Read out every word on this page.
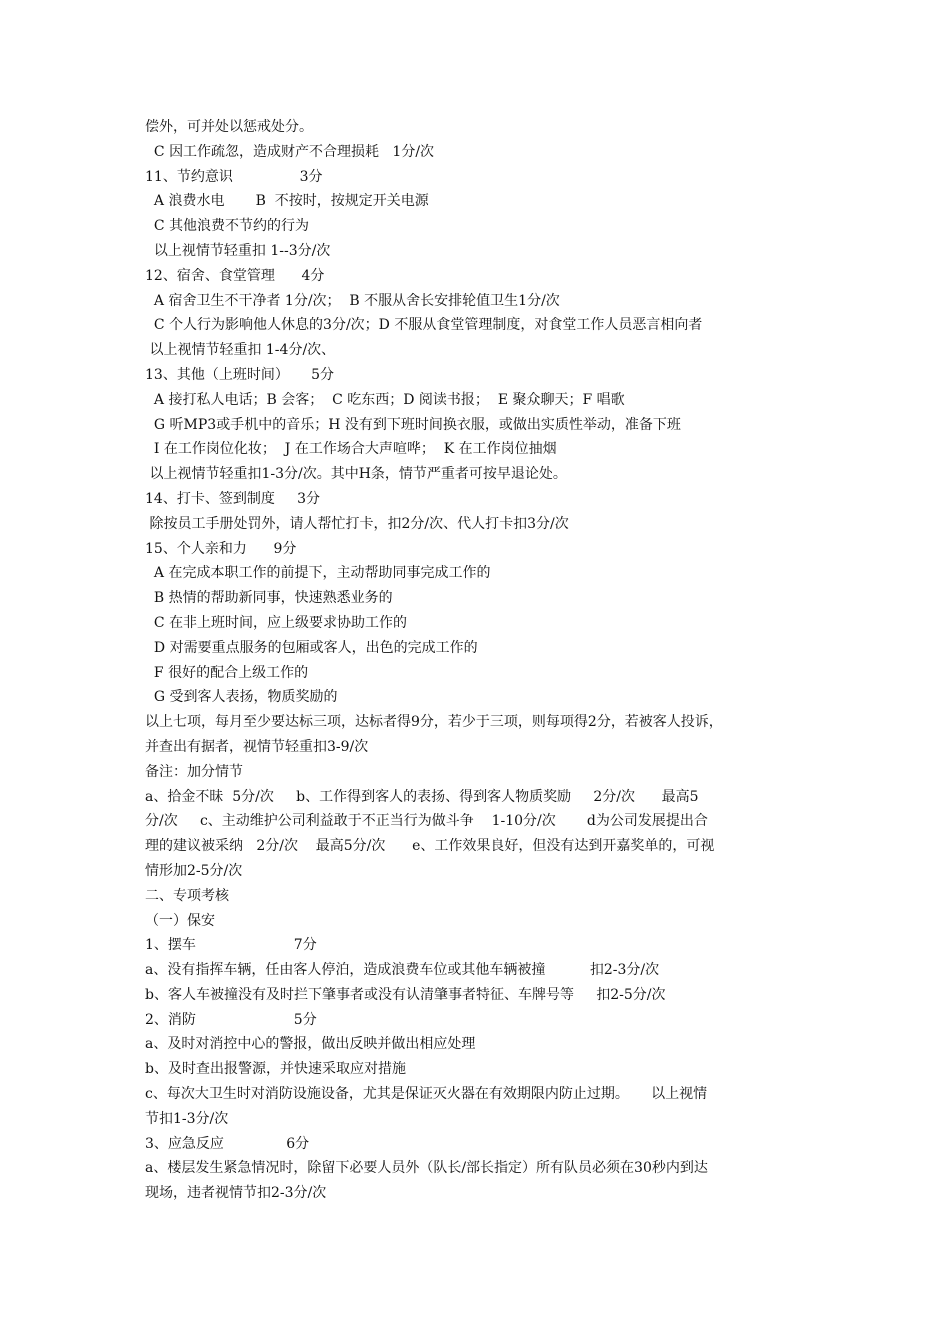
偿外，可并处以惩戒处分。
C 因工作疏忽，造成财产不合理损耗   1分/次
11、节约意识               3分
A 浪费水电       B  不按时，按规定开关电源
C 其他浪费不节约的行为
以上视情节轻重扣 1--3分/次
12、宿舍、食堂管理      4分
A 宿舍卫生不干净者 1分/次；  B 不服从舍长安排轮值卫生1分/次
C 个人行为影响他人休息的3分/次；D 不服从食堂管理制度，对食堂工作人员恶言相向者
以上视情节轻重扣 1-4分/次、
13、其他（上班时间）     5分
A 接打私人电话；B 会客；  C 吃东西；D 阅读书报；  E 聚众聊天；F 唱歌
G 听MP3或手机中的音乐；H 没有到下班时间换衣服，或做出实质性举动，准备下班
I 在工作岗位化妆；  J 在工作场合大声喧哗；  K 在工作岗位抽烟
以上视情节轻重扣1-3分/次。其中H条，情节严重者可按早退论处。
14、打卡、签到制度     3分
除按员工手册处罚外，请人帮忙打卡，扣2分/次、代人打卡扣3分/次
15、个人亲和力      9分
A 在完成本职工作的前提下，主动帮助同事完成工作的
B 热情的帮助新同事，快速熟悉业务的
C 在非上班时间，应上级要求协助工作的
D 对需要重点服务的包厢或客人，出色的完成工作的
F 很好的配合上级工作的
G 受到客人表扬，物质奖励的
以上七项，每月至少要达标三项，达标者得9分，若少于三项，则每项得2分，若被客人投诉，
并查出有据者，视情节轻重扣3-9/次
备注：加分情节
a、拾金不昧  5分/次     b、工作得到客人的表扬、得到客人物质奖励     2分/次      最高5
分/次     c、主动维护公司利益敢于不正当行为做斗争    1-10分/次       d为公司发展提出合
理的建议被采纳   2分/次    最高5分/次      e、工作效果良好，但没有达到开嘉奖单的，可视
情形加2-5分/次
二、专项考核
（一）保安
1、摆车                      7分
a、没有指挥车辆，任由客人停泊，造成浪费车位或其他车辆被撞          扣2-3分/次
b、客人车被撞没有及时拦下肇事者或没有认清肇事者特征、车牌号等     扣2-5分/次
2、消防                      5分
a、及时对消控中心的警报，做出反映并做出相应处理
b、及时查出报警源，并快速采取应对措施
c、每次大卫生时对消防设施设备，尤其是保证灭火器在有效期限内防止过期。     以上视情
节扣1-3分/次
3、应急反应              6分
a、楼层发生紧急情况时，除留下必要人员外（队长/部长指定）所有队员必须在30秒内到达
现场，违者视情节扣2-3分/次
